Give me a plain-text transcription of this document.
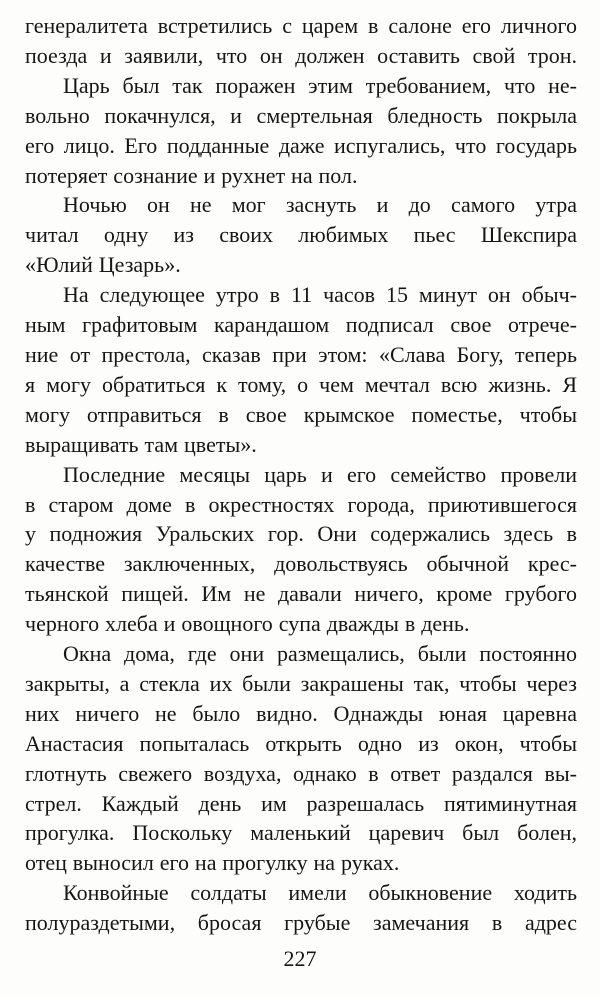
генералитета встретились с царем в салоне его личного
поезда и заявили, что он должен оставить свой трон.
Царь был так поражен этим требованием, что не-
вольно покачнулся, и смертельная бледность покрыла
его лицо. Его подданные даже испугались, что государь
потеряет сознание и рухнет на пол.
Ночью он не мог заснуть и до самого утра
читал одну из своих любимых пьес Шекспира
«Юлий Цезарь».
На следующее утро в 11 часов 15 минут он обыч-
ным графитовым карандашом подписал свое отрече-
ние от престола, сказав при этом: «Слава Богу, теперь
я могу обратиться к тому, о чем мечтал всю жизнь. Я
могу отправиться в свое крымское поместье, чтобы
выращивать там цветы».
Последние месяцы царь и его семейство провели
в старом доме в окрестностях города, приютившегося
у подножия Уральских гор. Они содержались здесь в
качестве заключенных, довольствуясь обычной крес-
тьянской пищей. Им не давали ничего, кроме грубого
черного хлеба и овощного супа дважды в день.
Окна дома, где они размещались, были постоянно
закрыты, а стекла их были закрашены так, чтобы через
них ничего не было видно. Однажды юная царевна
Анастасия попыталась открыть одно из окон, чтобы
глотнуть свежего воздуха, однако в ответ раздался вы-
стрел. Каждый день им разрешалась пятиминутная
прогулка. Поскольку маленький царевич был болен,
отец выносил его на прогулку на руках.
Конвойные солдаты имели обыкновение ходить
полураздетыми, бросая грубые замечания в адрес
227
